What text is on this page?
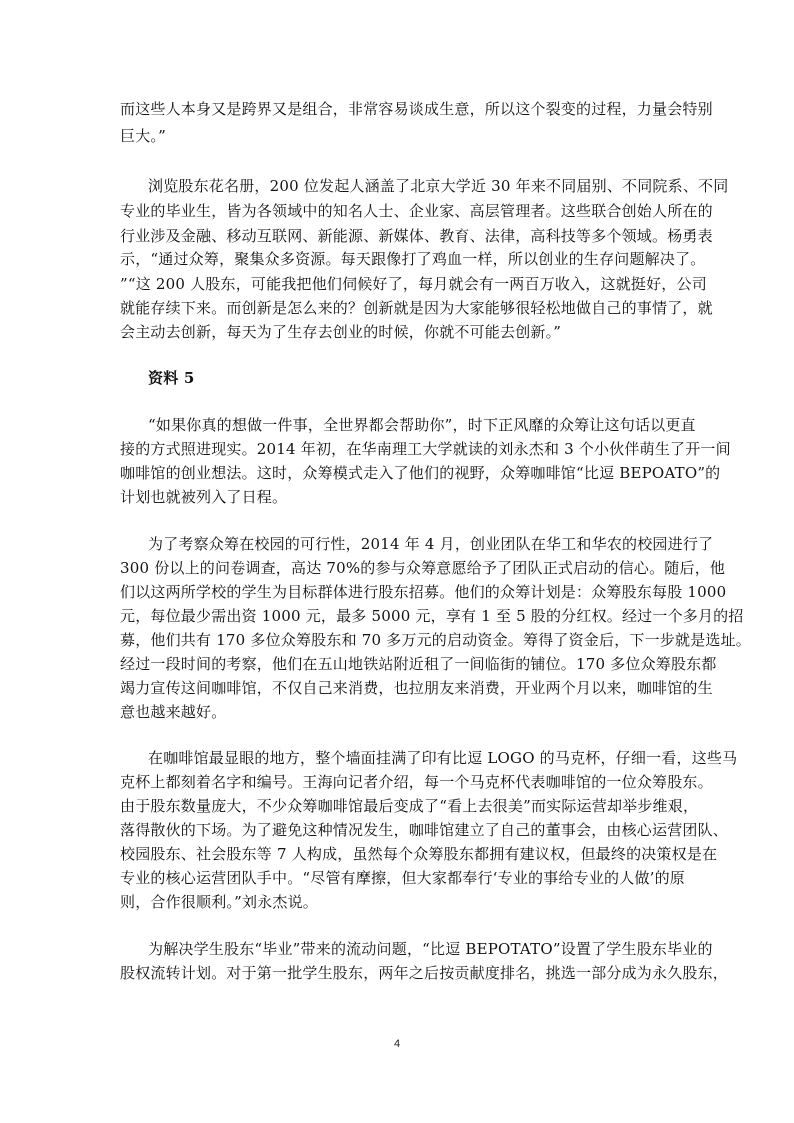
而这些人本身又是跨界又是组合，非常容易谈成生意，所以这个裂变的过程，力量会特别
巨大。”
浏览股东花名册，200 位发起人涵盖了北京大学近 30 年来不同届别、不同院系、不同
专业的毕业生，皆为各领域中的知名人士、企业家、高层管理者。这些联合创始人所在的
行业涉及金融、移动互联网、新能源、新媒体、教育、法律，高科技等多个领域。杨勇表
示，“通过众筹，聚集众多资源。每天跟像打了鸡血一样，所以创业的生存问题解决了。
”“这 200 人股东，可能我把他们伺候好了，每月就会有一两百万收入，这就挺好，公司
就能存续下来。而创新是怎么来的？创新就是因为大家能够很轻松地做自己的事情了，就
会主动去创新，每天为了生存去创业的时候，你就不可能去创新。”
资料 5
“如果你真的想做一件事，全世界都会帮助你”，时下正风靡的众筹让这句话以更直
接的方式照进现实。2014 年初，在华南理工大学就读的刘永杰和 3 个小伙伴萌生了开一间
咖啡馆的创业想法。这时，众筹模式走入了他们的视野，众筹咖啡馆“比逗 BEPOATO”的
计划也就被列入了日程。
为了考察众筹在校园的可行性，2014 年 4 月，创业团队在华工和华农的校园进行了
300 份以上的问卷调查，高达 70%的参与众筹意愿给予了团队正式启动的信心。随后，他
们以这两所学校的学生为目标群体进行股东招募。他们的众筹计划是：众筹股东每股 1000
元，每位最少需出资 1000 元，最多 5000 元，享有 1 至 5 股的分红权。经过一个多月的招
募，他们共有 170 多位众筹股东和 70 多万元的启动资金。筹得了资金后，下一步就是选址。
经过一段时间的考察，他们在五山地铁站附近租了一间临街的铺位。170 多位众筹股东都
竭力宣传这间咖啡馆，不仅自己来消费，也拉朋友来消费，开业两个月以来，咖啡馆的生
意也越来越好。
在咖啡馆最显眼的地方，整个墙面挂满了印有比逗 LOGO 的马克杯，仔细一看，这些马
克杯上都刻着名字和编号。王海向记者介绍，每一个马克杯代表咖啡馆的一位众筹股东。
由于股东数量庞大，不少众筹咖啡馆最后变成了“看上去很美”而实际运营却举步维艰，
落得散伙的下场。为了避免这种情况发生，咖啡馆建立了自己的董事会，由核心运营团队、
校园股东、社会股东等 7 人构成，虽然每个众筹股东都拥有建议权，但最终的决策权是在
专业的核心运营团队手中。“尽管有摩擦，但大家都奉行‘专业的事给专业的人做’的原
则，合作很顺利。”刘永杰说。
为解决学生股东“毕业”带来的流动问题，“比逗 BEPOTATO”设置了学生股东毕业的
股权流转计划。对于第一批学生股东，两年之后按贡献度排名，挑选一部分成为永久股东，
4
